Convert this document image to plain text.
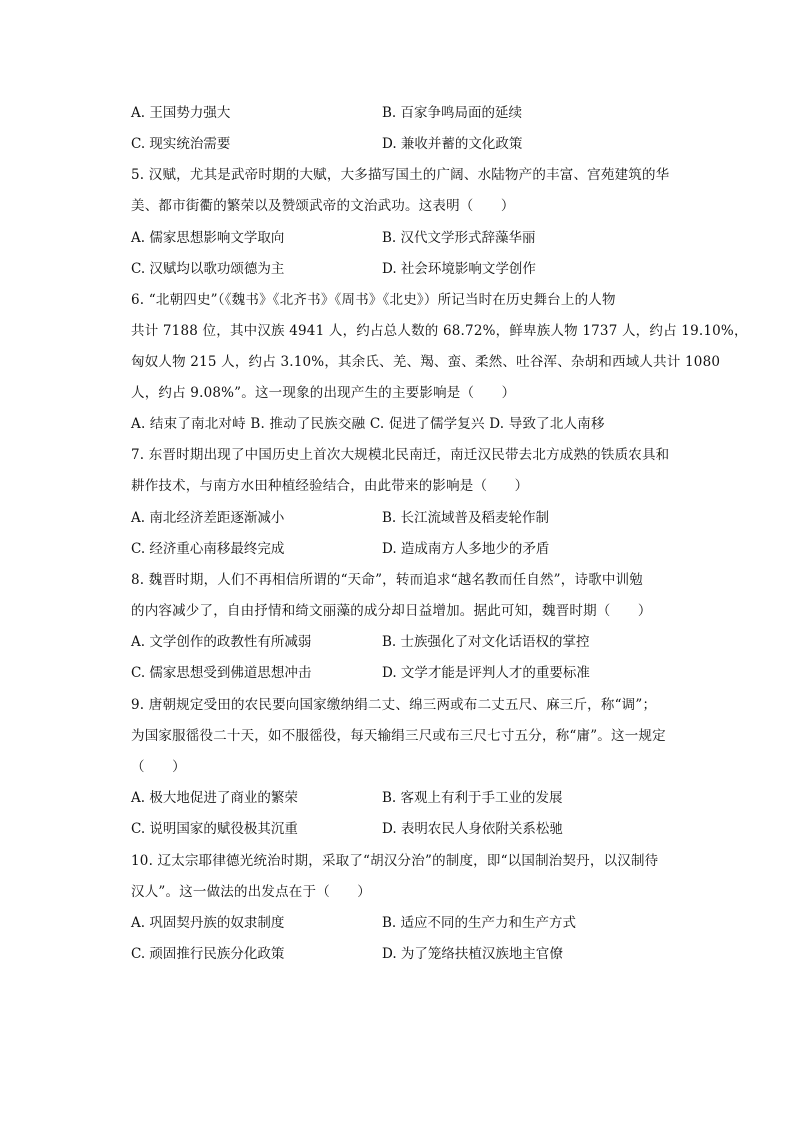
A. 王国势力强大	B. 百家争鸣局面的延续
C. 现实统治需要	D. 兼收并蓄的文化政策
5. 汉赋，尤其是武帝时期的大赋，大多描写国土的广阔、水陆物产的丰富、宫苑建筑的华
美、都市街衢的繁荣以及赞颂武帝的文治武功。这表明（　　）
A. 儒家思想影响文学取向	B. 汉代文学形式辞藻华丽
C. 汉赋均以歌功颂德为主	D. 社会环境影响文学创作
6. “北朝四史”（《魏书》《北齐书》《周书》《北史》）所记当时在历史舞台上的人物
共计 7188 位，其中汉族 4941 人，约占总人数的 68.72%，鲜卑族人物 1737 人，约占 19.10%，
匈奴人物 215 人，约占 3.10%，其余氏、羌、羯、蛮、柔然、吐谷浑、杂胡和西域人共计 1080
人，约占 9.08%”。这一现象的出现产生的主要影响是（　　）
A. 结束了南北对峙 B. 推动了民族交融 C. 促进了儒学复兴 D. 导致了北人南移
7. 东晋时期出现了中国历史上首次大规模北民南迁，南迁汉民带去北方成熟的铁质农具和
耕作技术，与南方水田种植经验结合，由此带来的影响是（　　）
A. 南北经济差距逐渐减小	B. 长江流域普及稻麦轮作制
C. 经济重心南移最终完成	D. 造成南方人多地少的矛盾
8. 魏晋时期，人们不再相信所谓的“天命”，转而追求“越名教而任自然”，诗歌中训勉
的内容减少了，自由抒情和绮文丽藻的成分却日益增加。据此可知，魏晋时期（　　）
A. 文学创作的政教性有所减弱	B. 士族强化了对文化话语权的掌控
C. 儒家思想受到佛道思想冲击	D. 文学才能是评判人才的重要标准
9. 唐朝规定受田的农民要向国家缴纳绢二丈、绵三两或布二丈五尺、麻三斤，称“调”；
为国家服徭役二十天，如不服徭役，每天输绢三尺或布三尺七寸五分，称“庸”。这一规定
（　　）
A. 极大地促进了商业的繁荣	B. 客观上有利于手工业的发展
C. 说明国家的赋役极其沉重	D. 表明农民人身依附关系松驰
10. 辽太宗耶律德光统治时期，采取了“胡汉分治”的制度，即“以国制治契丹，以汉制待
汉人”。这一做法的出发点在于（　　）
A. 巩固契丹族的奴隶制度	B. 适应不同的生产力和生产方式
C. 顽固推行民族分化政策	D. 为了笼络扶植汉族地主官僚
